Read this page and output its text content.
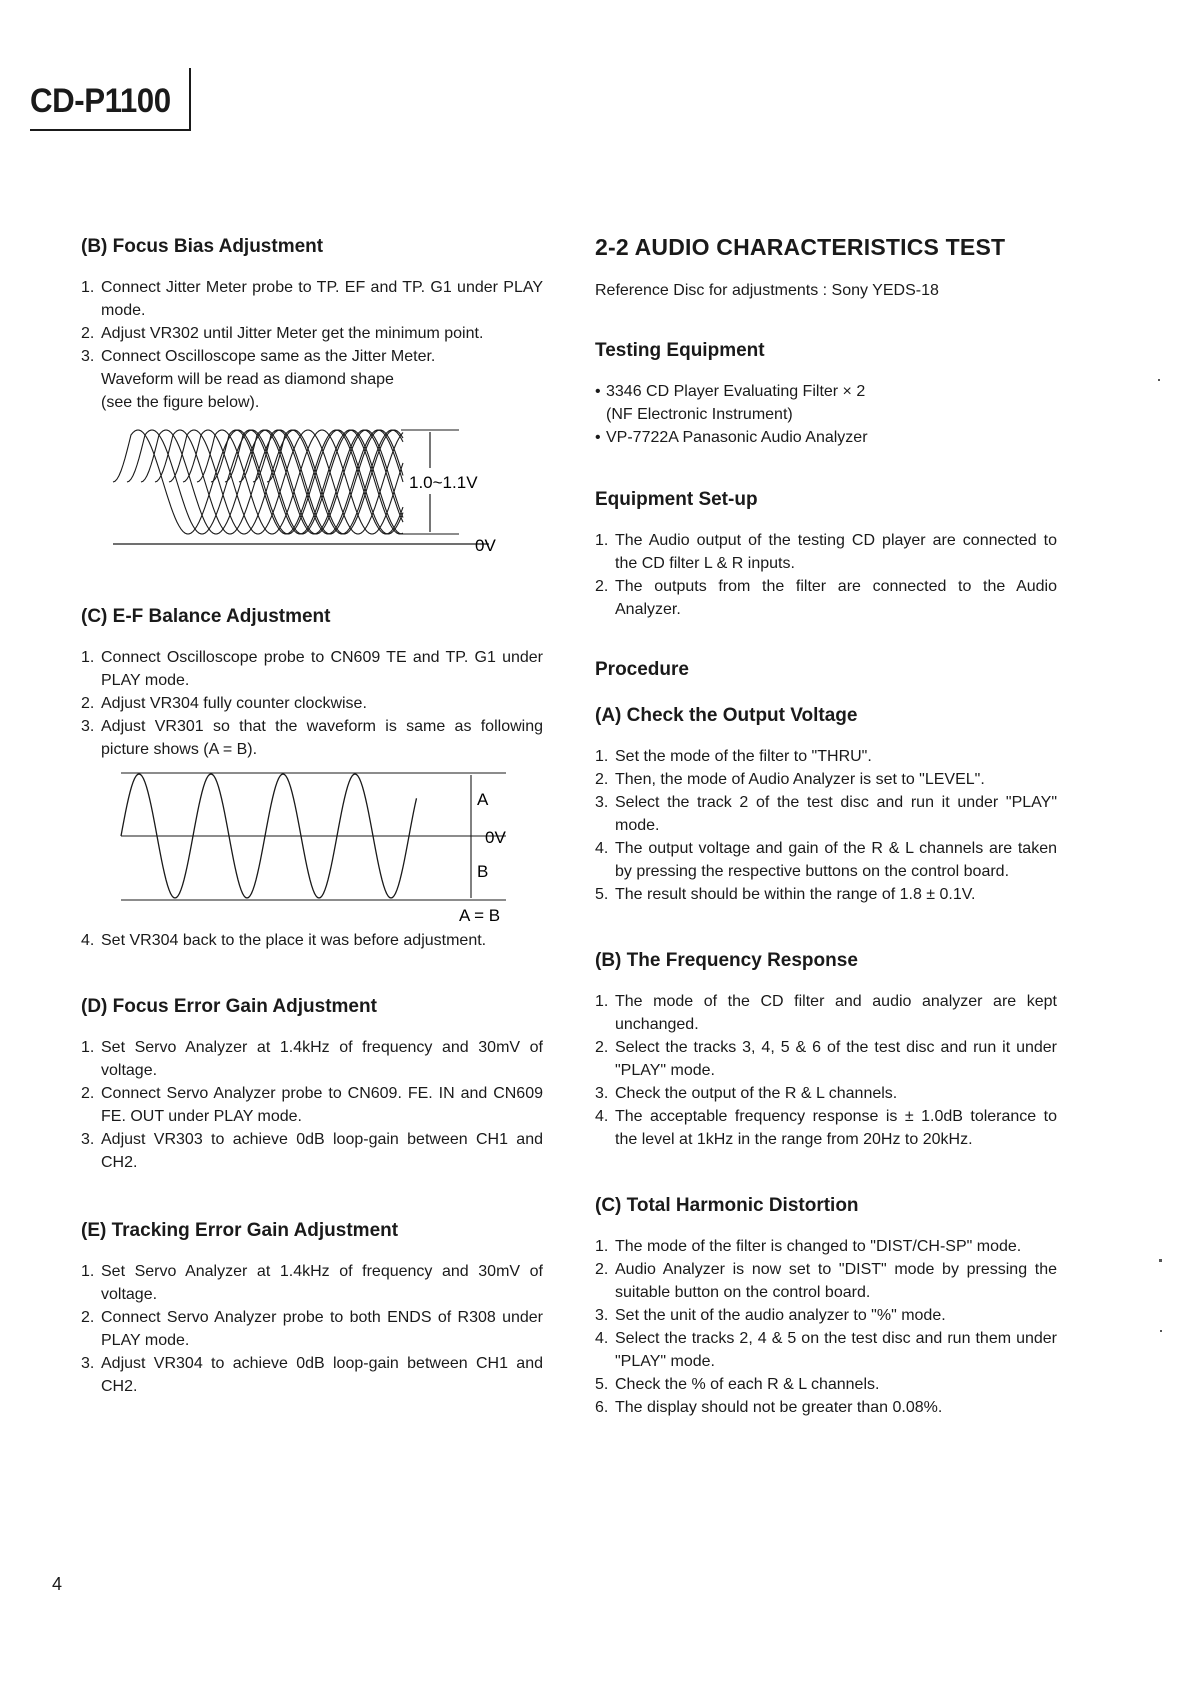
CD-P1100
(B) Focus Bias Adjustment
1. Connect Jitter Meter probe to TP. EF and TP. G1 under PLAY mode.
2. Adjust VR302 until Jitter Meter get the minimum point.
3. Connect Oscilloscope same as the Jitter Meter.
Waveform will be read as diamond shape
(see the figure below).
1.0~1.1V
0V
(C) E-F Balance Adjustment
1. Connect Oscilloscope probe to CN609 TE and TP. G1 under PLAY mode.
2. Adjust VR304 fully counter clockwise.
3. Adjust VR301 so that the waveform is same as following picture shows (A = B).
A
0V
B
A = B
4. Set VR304 back to the place it was before adjustment.
(D) Focus Error Gain Adjustment
1. Set Servo Analyzer at 1.4kHz of frequency and 30mV of voltage.
2. Connect Servo Analyzer probe to CN609. FE. IN and CN609 FE. OUT under PLAY mode.
3. Adjust VR303 to achieve 0dB loop-gain between CH1 and CH2.
(E) Tracking Error Gain Adjustment
1. Set Servo Analyzer at 1.4kHz of frequency and 30mV of voltage.
2. Connect Servo Analyzer probe to both ENDS of R308 under PLAY mode.
3. Adjust VR304 to achieve 0dB loop-gain between CH1 and CH2.
2-2 AUDIO CHARACTERISTICS TEST

Reference Disc for adjustments : Sony YEDS-18

Testing Equipment
• 3346 CD Player Evaluating Filter × 2
(NF Electronic Instrument)
• VP-7722A Panasonic Audio Analyzer
Equipment Set-up
1. The Audio output of the testing CD player are connected to the CD filter L & R inputs.
2. The outputs from the filter are connected to the Audio Analyzer.
Procedure
(A) Check the Output Voltage
1. Set the mode of the filter to "THRU".
2. Then, the mode of Audio Analyzer is set to "LEVEL".
3. Select the track 2 of the test disc and run it under "PLAY" mode.
4. The output voltage and gain of the R & L channels are taken by pressing the respective buttons on the control board.
5. The result should be within the range of 1.8 ± 0.1V.
(B) The Frequency Response
1. The mode of the CD filter and audio analyzer are kept unchanged.
2. Select the tracks 3, 4, 5 & 6 of the test disc and run it under "PLAY" mode.
3. Check the output of the R & L channels.
4. The acceptable frequency response is ± 1.0dB tolerance to the level at 1kHz in the range from 20Hz to 20kHz.
(C) Total Harmonic Distortion
1. The mode of the filter is changed to "DIST/CH-SP" mode.
2. Audio Analyzer is now set to "DIST" mode by pressing the suitable button on the control board.
3. Set the unit of the audio analyzer to "%" mode.
4. Select the tracks 2, 4 & 5 on the test disc and run them under "PLAY" mode.
5. Check the % of each R & L channels.
6. The display should not be greater than 0.08%.
4
